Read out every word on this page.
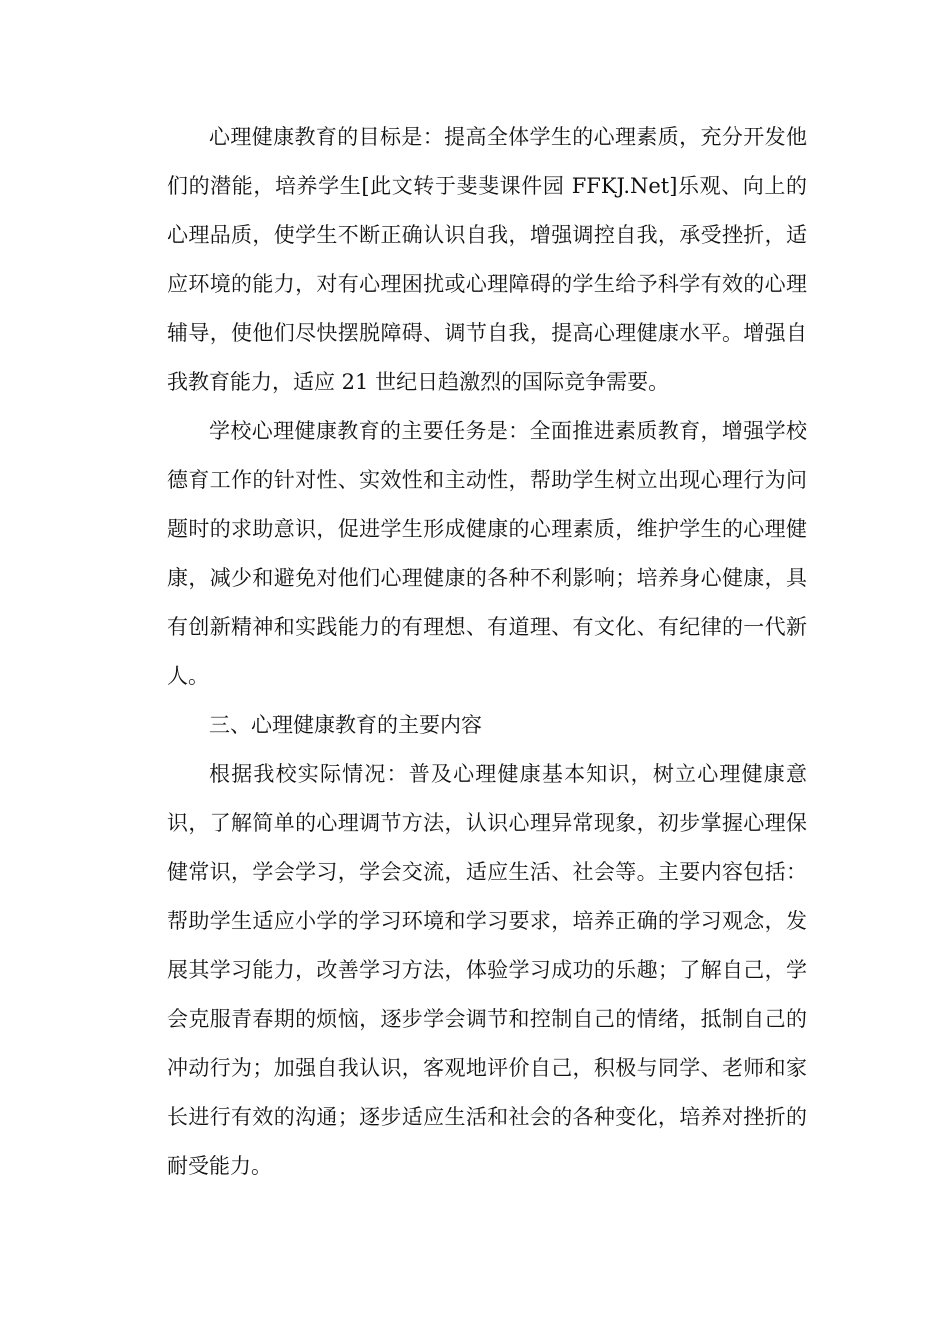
心理健康教育的目标是：提高全体学生的心理素质，充分开发他们的潜能，培养学生[此文转于斐斐课件园 FFKJ.Net]乐观、向上的心理品质，使学生不断正确认识自我，增强调控自我，承受挫折，适应环境的能力，对有心理困扰或心理障碍的学生给予科学有效的心理辅导，使他们尽快摆脱障碍、调节自我，提高心理健康水平。增强自我教育能力，适应 21 世纪日趋激烈的国际竞争需要。

学校心理健康教育的主要任务是：全面推进素质教育，增强学校德育工作的针对性、实效性和主动性，帮助学生树立出现心理行为问题时的求助意识，促进学生形成健康的心理素质，维护学生的心理健康，减少和避免对他们心理健康的各种不利影响；培养身心健康，具有创新精神和实践能力的有理想、有道理、有文化、有纪律的一代新人。

三、心理健康教育的主要内容

根据我校实际情况：普及心理健康基本知识，树立心理健康意识，了解简单的心理调节方法，认识心理异常现象，初步掌握心理保健常识，学会学习，学会交流，适应生活、社会等。主要内容包括：帮助学生适应小学的学习环境和学习要求，培养正确的学习观念，发展其学习能力，改善学习方法，体验学习成功的乐趣；了解自己，学会克服青春期的烦恼，逐步学会调节和控制自己的情绪，抵制自己的冲动行为；加强自我认识，客观地评价自己，积极与同学、老师和家长进行有效的沟通；逐步适应生活和社会的各种变化，培养对挫折的耐受能力。
